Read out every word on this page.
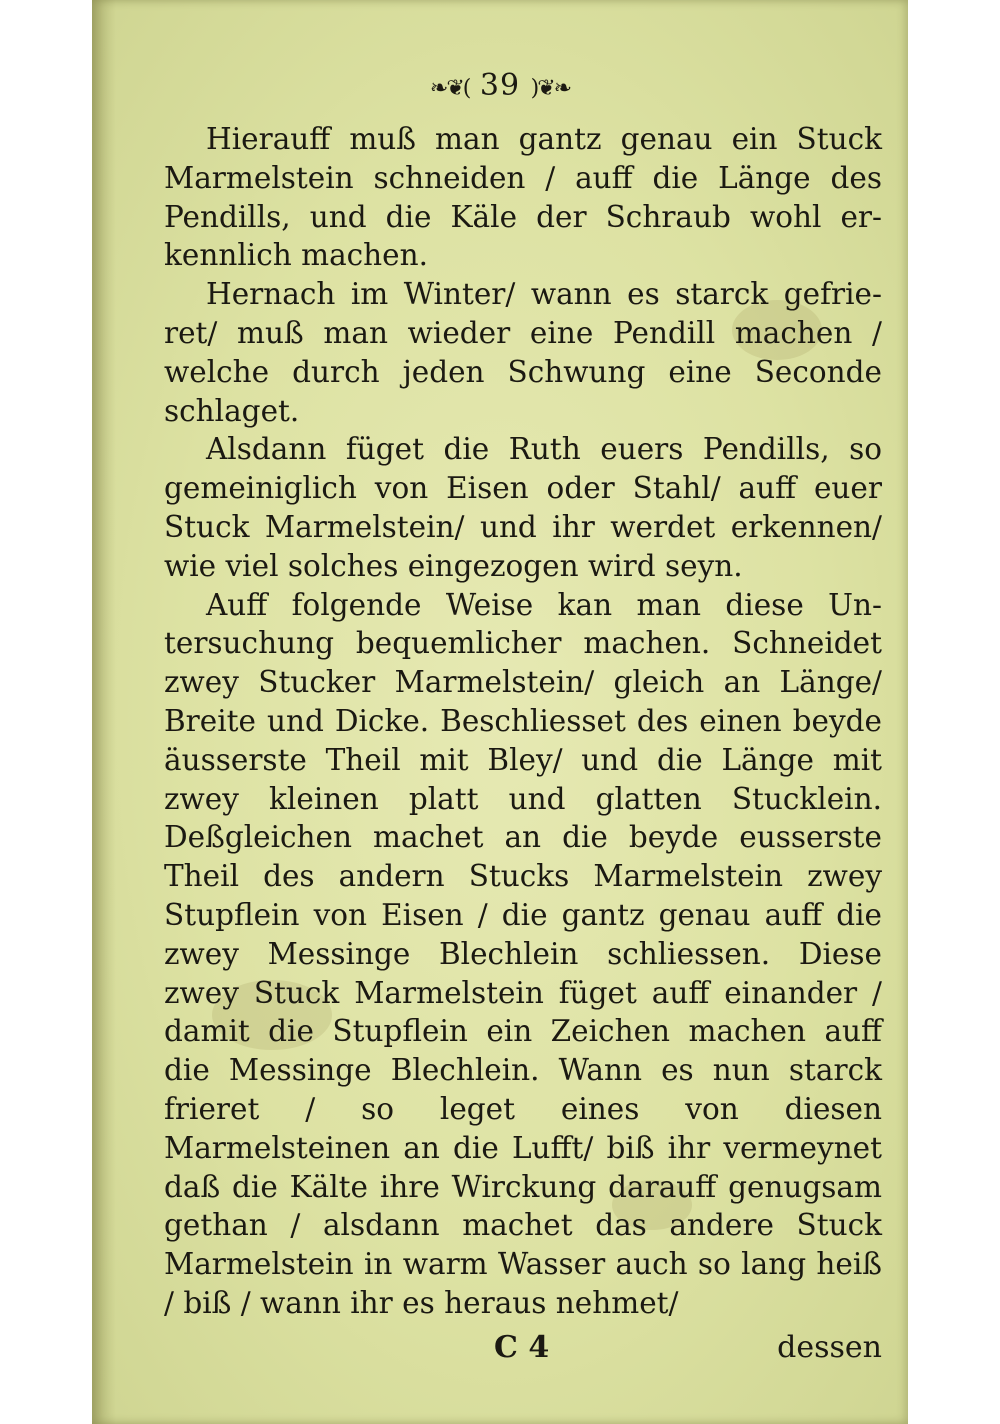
❧❦( 39 )❦❧

Hierauff muß man gantz genau ein Stuck Marmelstein schneiden / auff die Länge des Pendills, und die Käle der Schraub wohl erkennlich machen.

Hernach im Winter/ wann es starck gefrieret/ muß man wieder eine Pendill machen / welche durch jeden Schwung eine Seconde schlaget.

Alsdann füget die Ruth euers Pendills, so gemeiniglich von Eisen oder Stahl/ auff euer Stuck Marmelstein/ und ihr werdet erkennen/ wie viel solches eingezogen wird seyn.

Auff folgende Weise kan man diese Untersuchung bequemlicher machen. Schneidet zwey Stucker Marmelstein/ gleich an Länge/ Breite und Dicke. Beschliesset des einen beyde äusserste Theil mit Bley/ und die Länge mit zwey kleinen platt und glatten Stucklein. Deßgleichen machet an die beyde eusserste Theil des andern Stucks Marmelstein zwey Stupflein von Eisen / die gantz genau auff die zwey Messinge Blechlein schliessen. Diese zwey Stuck Marmelstein füget auff einander / damit die Stupflein ein Zeichen machen auff die Messinge Blechlein. Wann es nun starck frieret / so leget eines von diesen Marmelsteinen an die Lufft/ biß ihr vermeynet daß die Kälte ihre Wirckung darauff genugsam gethan / alsdann machet das andere Stuck Marmelstein in warm Wasser auch so lang heiß / biß / wann ihr es heraus nehmet/

C 4	dessen
